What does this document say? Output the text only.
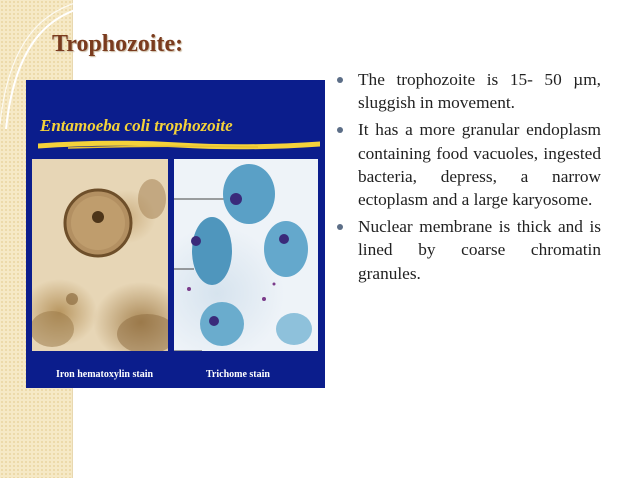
Trophozoite:
Entamoeba coli trophozoite
Iron hematoxylin stain	Trichome stain
The trophozoite is 15- 50 µm, sluggish in movement.
It has a more granular endoplasm containing food vacuoles, ingested bacteria, depress, a narrow ectoplasm and a large karyosome.
Nuclear membrane is thick and is lined by coarse chromatin granules.
